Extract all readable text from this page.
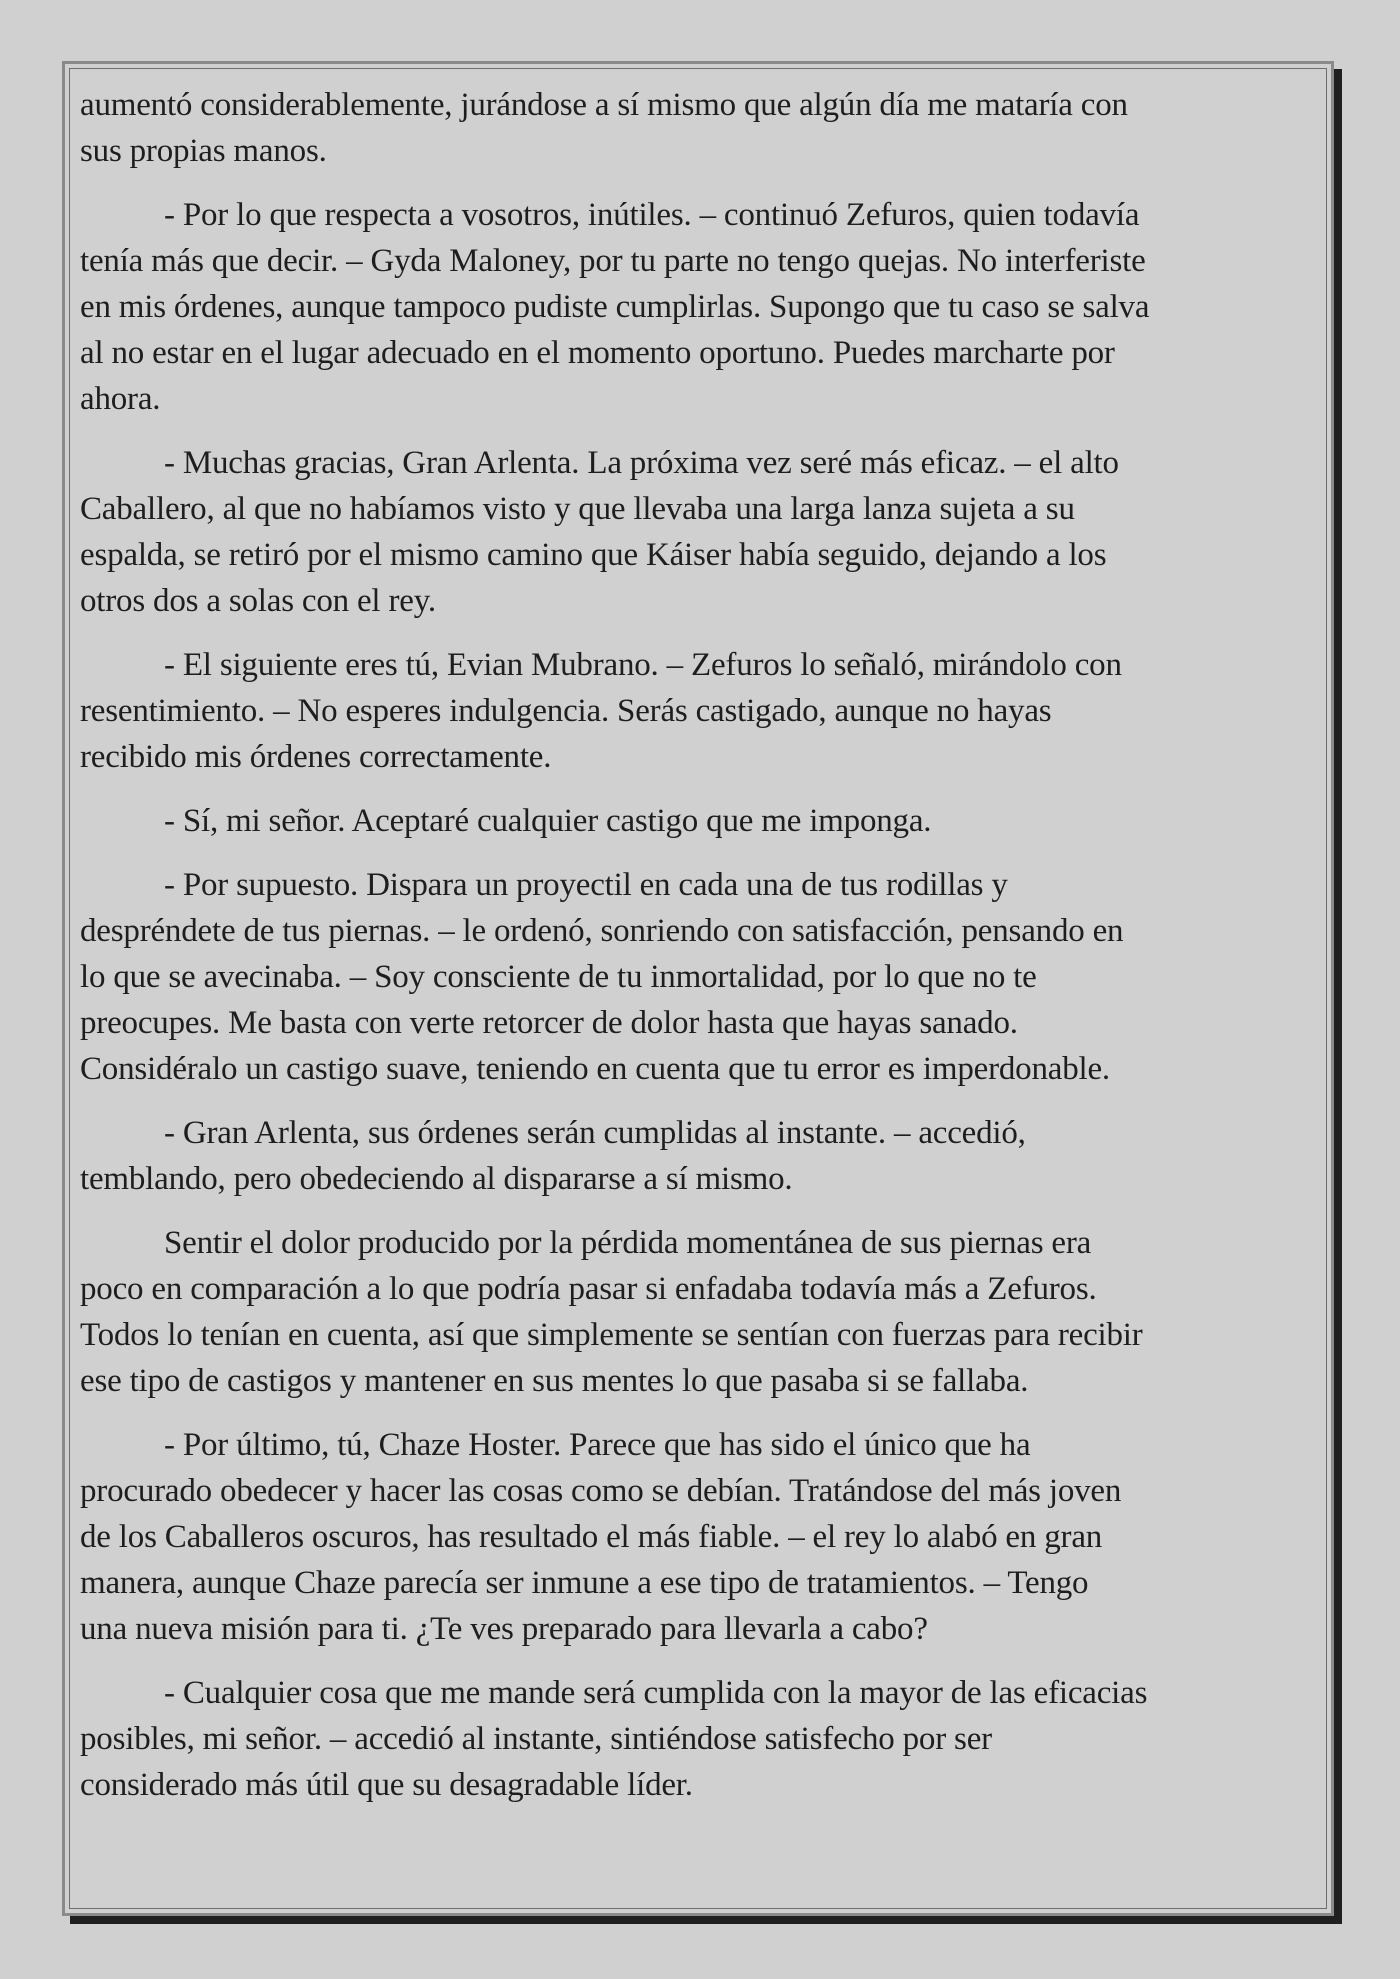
aumentó considerablemente, jurándose a sí mismo que algún día me mataría con
sus propias manos.

- Por lo que respecta a vosotros, inútiles. – continuó Zefuros, quien todavía
tenía más que decir. – Gyda Maloney, por tu parte no tengo quejas. No interferiste
en mis órdenes, aunque tampoco pudiste cumplirlas. Supongo que tu caso se salva
al no estar en el lugar adecuado en el momento oportuno. Puedes marcharte por
ahora.

- Muchas gracias, Gran Arlenta. La próxima vez seré más eficaz. – el alto
Caballero, al que no habíamos visto y que llevaba una larga lanza sujeta a su
espalda, se retiró por el mismo camino que Káiser había seguido, dejando a los
otros dos a solas con el rey.

- El siguiente eres tú, Evian Mubrano. – Zefuros lo señaló, mirándolo con
resentimiento. – No esperes indulgencia. Serás castigado, aunque no hayas
recibido mis órdenes correctamente.

- Sí, mi señor. Aceptaré cualquier castigo que me imponga.

- Por supuesto. Dispara un proyectil en cada una de tus rodillas y
despréndete de tus piernas. – le ordenó, sonriendo con satisfacción, pensando en
lo que se avecinaba. – Soy consciente de tu inmortalidad, por lo que no te
preocupes. Me basta con verte retorcer de dolor hasta que hayas sanado.
Considéralo un castigo suave, teniendo en cuenta que tu error es imperdonable.

- Gran Arlenta, sus órdenes serán cumplidas al instante. – accedió,
temblando, pero obedeciendo al dispararse a sí mismo.

Sentir el dolor producido por la pérdida momentánea de sus piernas era
poco en comparación a lo que podría pasar si enfadaba todavía más a Zefuros.
Todos lo tenían en cuenta, así que simplemente se sentían con fuerzas para recibir
ese tipo de castigos y mantener en sus mentes lo que pasaba si se fallaba.

- Por último, tú, Chaze Hoster. Parece que has sido el único que ha
procurado obedecer y hacer las cosas como se debían. Tratándose del más joven
de los Caballeros oscuros, has resultado el más fiable. – el rey lo alabó en gran
manera, aunque Chaze parecía ser inmune a ese tipo de tratamientos. – Tengo
una nueva misión para ti. ¿Te ves preparado para llevarla a cabo?

- Cualquier cosa que me mande será cumplida con la mayor de las eficacias
posibles, mi señor. – accedió al instante, sintiéndose satisfecho por ser
considerado más útil que su desagradable líder.
